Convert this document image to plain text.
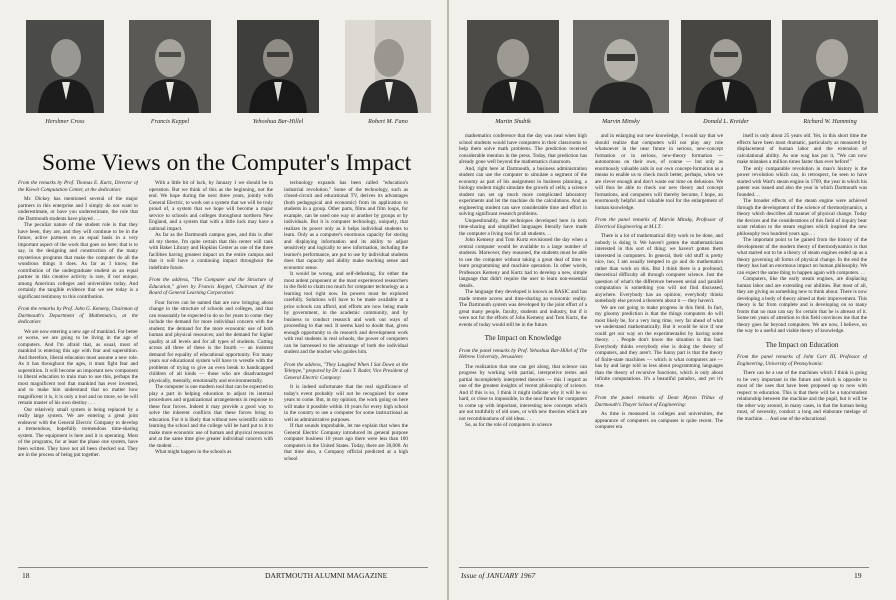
Hershner Cross	Francis Keppel	Yehoshua Bar-Hillel	Robert M. Fano
Some Views on the Computer's Impact

From the remarks by Prof. Thomas E. Kurtz, Director of the Kiewit Computation Center, at the dedication:

Mr. Dickey has mentioned several of the major partners in this enterprise and I simply do not want to underestimate, or have you underestimate, the role that the Dartmouth students have played . . .

The peculiar nature of the student role is that they have been, they are, and they will continue to be in the future, active partners on an equal basis in a very important aspect of the work that goes on here; that is to say, in the designing and construction of the many mysterious programs that make the computer do all the wondrous things it does. As far as I know, the contribution of the undergraduate student as an equal partner in this creative activity is rare, if not unique, among American colleges and universities today. And certainly the tangible evidence that we see today is a significant testimony to this contribution.

From the remarks by Prof. John G. Kemeny, Chairman of Dartmouth's Department of Mathematics, at the dedication:

We are now entering a new age of mankind. For better or worse, we are going to be living in the age of computers. And I'm afraid that, as usual, most of mankind is entering this age with fear and superstition. And therefore, liberal education must assume a new role. As it has throughout the ages, it must fight fear and superstition. It will become an important new component in liberal education to train man to use this, perhaps the most magnificent tool that mankind has ever invented, and to make him understand that no matter how magnificent it is, it is only a tool and no more, so he will remain master of his own destiny . . .

Our relatively small system is being replaced by a really large system. We are entering a great joint endeavor with the General Electric Company to develop a tremendous, hopefully tremendous time-sharing system. The equipment is here and it is operating. Most of the programs, for at least the phase one system, have been written. They have not all been checked out. They are in the process of being put together.

With a little bit of luck, by January 1 we should be in operation. But we think of this as the beginning, not the end. We hope during the next three years, jointly with General Electric, to work out a system that we will be truly proud of, a system that we hope will become a major service to schools and colleges throughout northern New England, and a system that with a little luck may have a national impact.

As far as the Dartmouth campus goes, and this is after all my theme, I'm quite certain that this center will rank with Baker Library and Hopkins Center as one of the three facilities having greatest impact on the entire campus and that it will have a continuing impact throughout the indefinite future.

From the address, "The Computer and the Structure of Education," given by Francis Keppel, Chairman of the Board of General Learning Corporation:

Four forces can be named that are now bringing about change in the structure of schools and colleges, and that can reasonably be expected to do so for years to come: they include the demand for more individual concern with the student; the demand for the more economic use of both human and physical resources; and the demand for higher quality at all levels and for all types of students. Cutting across all three of these is the fourth — an insistent demand for equality of educational opportunity. For many years our educational system will have to wrestle with the problems of trying to give an even break to handicapped children of all kinds — those who are disadvantaged physically, mentally, emotionally and environmentally.

The computer is one modern tool that can be expected to play a part in helping education to adjust its internal procedures and organizational arrangements in response to these four forces. Indeed it may provide a good way to solve the inherent conflicts that these forces bring to education. For it is likely that without new scientific aids to learning the school and the college will be hard put to it to make more economic use of human and physical resources and at the same time give greater individual concern with the student . . .

What might happen in the schools as

technology expands has been called "education's industrial revolution." Some of the technology, such as closed-circuit and educational TV, derives its advantages (both pedagogical and economic) from its application to students in a group. Other parts, films and film loops, for example, can be used one way or another by groups or by individuals. But it is computer technology, uniquely, that realizes its power only as it helps individual students to learn. Only as a computer's enormous capacity for storing and displaying information and its ability to adjust sensitively and logically to new information, including the learner's performance, are put to use by individual students does that capacity and ability make teaching sense and economic sense.

It would be wrong, and self-defeating, for either the most ardent proponent or the most experienced researchers in the field to claim too much for computer technology as a learning tool right now. Its powers must be explored carefully. Solutions will have to be made available at a price schools can afford, and efforts are now being made by government, in the academic community, and by business to conduct research and work out ways of proceeding to that end. It seems hard to doubt that, given enough opportunity to do research and development work with real students in real schools, the power of computers can be harnessed to the advantage of both the individual student and the teacher who guides him.

From the address, "They Laughed When I Sat Down at the Teletype," prepared by Dr. Louis T. Rader, Vice President of General Electric Company:

It is indeed unfortunate that the real significance of today's event probably will not be recognized for some years to come. But, in my opinion, the work going on here will make it possible within 10 years for every high school in the country to use a computer for some instructional as well as administrative purposes.

If that sounds improbable, let me explain that when the General Electric Company introduced its general purpose computer business 10 years ago there were less than 100 computers in the United States. Today, there are 30,000. At that time also, a Company official predicted at a high school

18	DARTMOUTH ALUMNI MAGAZINE
Martin Shubik	Marvin Minsky	Donald L. Kreider	Richard W. Hamming

mathematics conference that the day was near when high school students would have computers in their classrooms to help them solve math problems. The prediction received considerable mention in the press. Today, that prediction has already gone well beyond the mathematics classroom.

And, right here at Dartmouth, a business administration student can use the computer to simulate a segment of the economy as part of his assignment in business planning, a biology student might simulate the growth of cells; a science student can set up much more complicated laboratory experiments and let the machine do the calculations. And an engineering student can save considerable time and effort in solving significant research problems.

Unquestionably, the techniques developed here in both time-sharing and simplified languages literally have made the computer a living tool for all students. . .

John Kemeny and Tom Kurtz envisioned the day when a central computer would be available to a large number of students. Moreover, they reasoned, the students must be able to use the computer without taking a great deal of time to learn programming and machine operation. In other words, Professors Kemeny and Kurtz had to develop a new, simple language that didn't require the user to learn non-essential details.

The language they developed is known as BASIC and has made remote access and time-sharing an economic reality. The Dartmouth system was developed by the joint effort of a great many people, faculty, students and industry, but if it were not for the efforts of John Kemeny and Tom Kurtz, the events of today would still be in the future.

The Impact on Knowledge

From the panel remarks by Prof. Yehoshua Bar-Hillel of The Hebrew University, Jerusalem:

The realization that one can get along, that science can progress by working with partial, interpretive terms and partial incompletely interpreted theories — this I regard as one of the greatest insights of recent philosophy of science. And if this is so, I think it might indicate why it will be so hard, or close to impossible, in the near future for computers to come up with important, interesting new concepts which are not truthfully of old ones, or with new theories which are not recombinations of old ideas. . .

So, as for the role of computers in science

and in enlarging our new knowledge, I would say that we should realize that computers will not play any role whatsoever in the near future in serious, new-concept formation or in serious, new-theory formation — autonomous on their own, of course — but only as enormously valuable aids in our own concept-formation as a means to enable us to check much better, perhaps, when we are clever enough and don't waste our time on delusions. We will thus be able to check our new theory and concept formations, and computers will thereby become, I hope, an enormously helpful and valuable tool for the enlargement of human knowledge.

From the panel remarks of Marvin Minsky, Professor of Electrical Engineering at M.I.T.:

There is a lot of mathematical dirty work to be done, and nobody is doing it. We haven't gotten the mathematicians interested in this sort of thing; we haven't gotten them interested in computers. In general, their old stuff is pretty nice, too; I am usually tempted to go and do mathematics rather than work on this. But I think there is a profound, theoretical difficulty all through computer science. Just the question of what's the difference between serial and parallel computation is something you will not find discussed, anywhere. Everybody has an opinion; everybody thinks somebody else proved a theorem about it — they haven't.

We are not going to make progress in this field. In fact, my gloomy prediction is that the things computers do will most likely be, for a very long time, very far ahead of what we understand mathematically. But it would be nice if one could get our way on the experimentalist by having some theory. . . People don't know the situation is this bad. Everybody thinks everybody else is doing the theory of computers, and they aren't. The funny part is that the theory of finite-state machines — which is what computers are — has by and large told us less about programming languages than the theory of recursive functions, which is only about infinite computations. It's a beautiful paradox, and yet it's true.

From the panel remarks of Dean Myron Tribus of Dartmouth's Thayer School of Engineering:

As time is measured in colleges and universities, the appearance of computers on campuses is quite recent. The computer era

itself is only about 25 years old. Yet, in this short time the effects have been most dramatic, particularly as measured by displacement of human labor and the extension of calculational ability. As one wag has put it, "We can now make mistakes a million times faster than ever before!"

The only comparable revolution in man's history is the power revolution which can, in retrospect, be seen to have started with Watt's steam engine in 1769, the year in which his patent was issued and also the year in which Dartmouth was founded. . .

The broader effects of the steam engine were achieved through the development of the science of thermodynamics, a theory which describes all manner of physical change. Today the devices and the considerations of this field of inquiry bear scant relation to the steam engines which inspired the new philosophy two hundred years ago. . .

The important point to be gained from the history of the development of the modern theory of thermodynamics is that what started out to be a theory of steam engines ended up as a theory governing all forms of physical change. In the end the theory has had an enormous impact on human philosophy. We can expect the same thing to happen again with computers. . .

Computers, like the early steam engines, are displacing human labor and are extending our abilities. But most of all, they are giving us something new to think about. There is now developing a body of theory aimed at their improvement. This theory is far from complete and is developing on so many fronts that no man can say for certain that he is abreast of it. Some ten years of attention to this field convinces me that the theory goes far beyond computers. We are now, I believe, on the way to a useful and viable theory of knowledge.

The Impact on Education

From the panel remarks of John Carr III, Professor of Engineering, University of Pennsylvania:

There can be a use of the machines which I think is going to be very important in the future and which is opposite to most of the uses that have been proposed up to now with respect to education. This is that there will be a tutor/student relationship between the machine and the pupil, but it will be the other way around, in many cases, in that the human being must, of necessity, conduct a long and elaborate tutelage of the machine. . . And one of the educational

Issue of JANUARY 1967	19
